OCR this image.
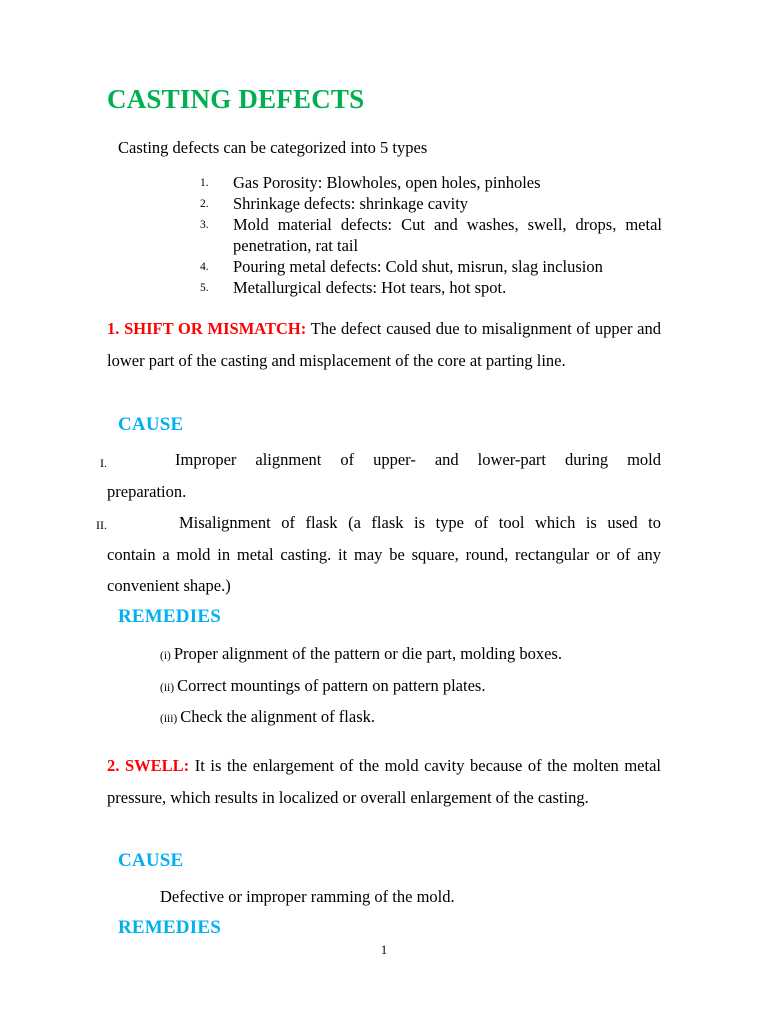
CASTING DEFECTS

Casting defects can be categorized into 5 types

1. Gas Porosity: Blowholes, open holes, pinholes
2. Shrinkage defects: shrinkage cavity
3. Mold material defects: Cut and washes, swell, drops, metal penetration, rat tail
4. Pouring metal defects: Cold shut, misrun, slag inclusion
5. Metallurgical defects: Hot tears, hot spot.

1. SHIFT OR MISMATCH: The defect caused due to misalignment of upper and lower part of the casting and misplacement of the core at parting line.

CAUSE
I.	Improper alignment of upper- and lower-part during mold
preparation.

II.	Misalignment of flask (a flask is type of tool which is used to
contain a mold in metal casting. it may be square, round, rectangular or of any convenient shape.)

REMEDIES

(i) Proper alignment of the pattern or die part, molding boxes.

(ii) Correct mountings of pattern on pattern plates.

(iii) Check the alignment of flask.

2. SWELL: It is the enlargement of the mold cavity because of the molten metal pressure, which results in localized or overall enlargement of the casting.

CAUSE

Defective or improper ramming of the mold.

REMEDIES
1
